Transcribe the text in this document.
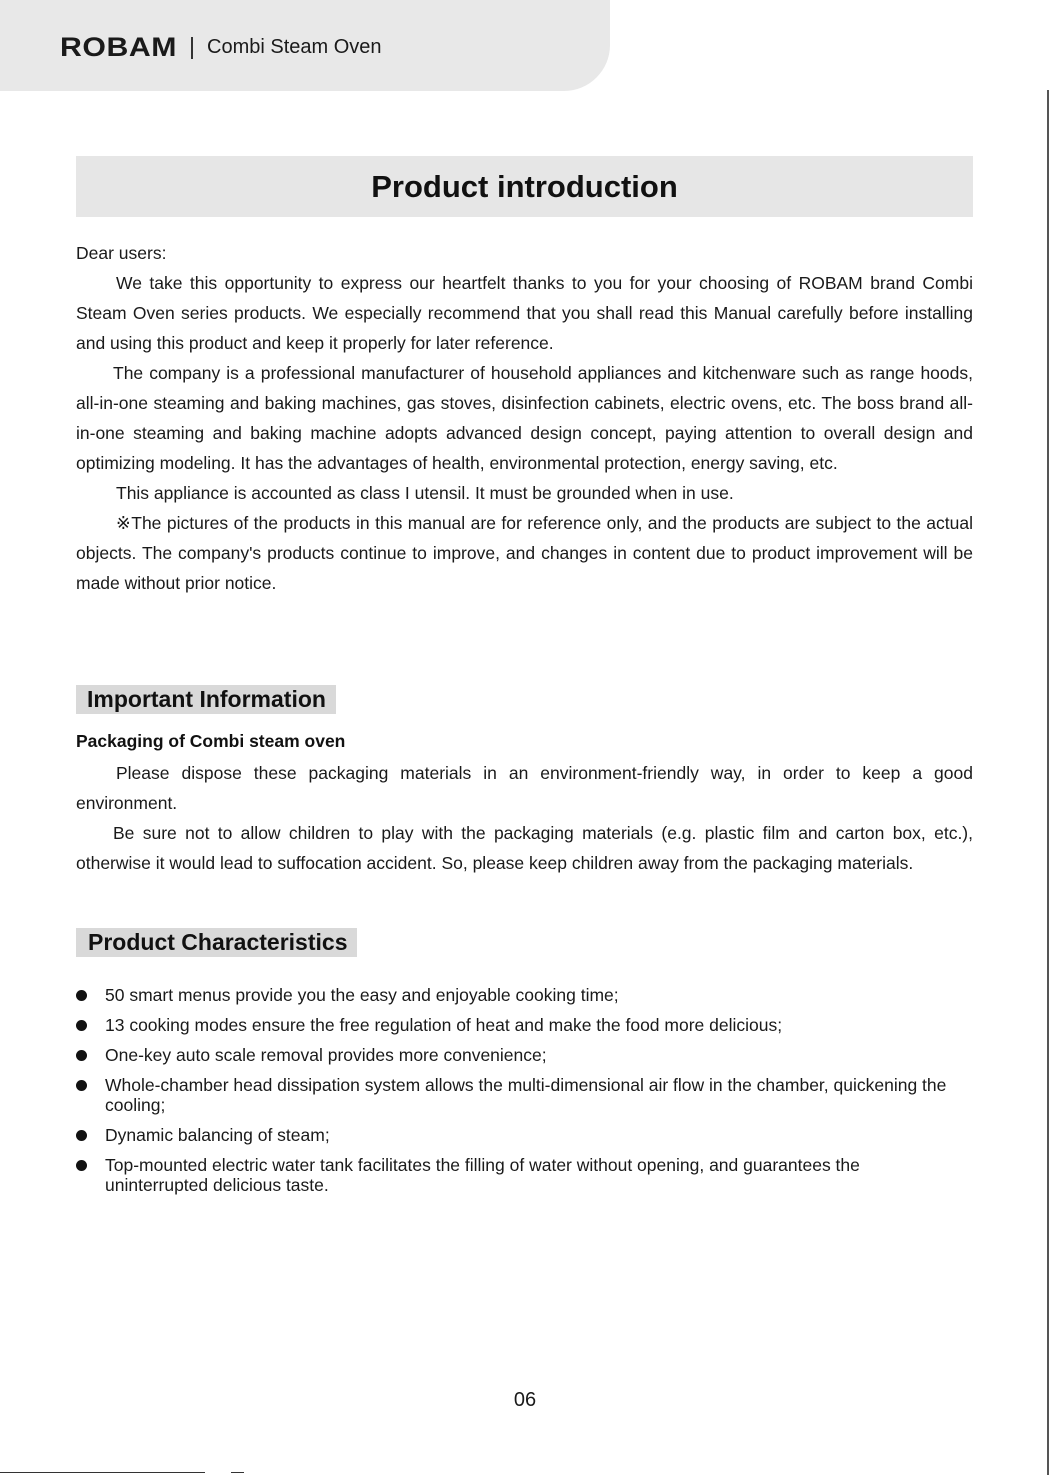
ROBAM Combi Steam Oven
Product introduction

Dear users:

We take this opportunity to express our heartfelt thanks to you for your choosing of ROBAM brand Combi Steam Oven series products. We especially recommend that you shall read this Manual carefully before installing and using this product and keep it properly for later reference.

The company is a professional manufacturer of household appliances and kitchenware such as range hoods, all-in-one steaming and baking machines, gas stoves, disinfection cabinets, electric ovens, etc. The boss brand all-in-one steaming and baking machine adopts advanced design concept, paying attention to overall design and optimizing modeling. It has the advantages of health, environmental protection, energy saving, etc.

This appliance is accounted as class I utensil. It must be grounded when in use.

※The pictures of the products in this manual are for reference only, and the products are subject to the actual objects. The company's products continue to improve, and changes in content due to product improvement will be made without prior notice.

Important Information
Packaging of Combi steam oven

Please dispose these packaging materials in an environment-friendly way, in order to keep a good environment.

Be sure not to allow children to play with the packaging materials (e.g. plastic film and carton box, etc.), otherwise it would lead to suffocation accident. So, please keep children away from the packaging materials.

Product Characteristics
50 smart menus provide you the easy and enjoyable cooking time;
13 cooking modes ensure the free regulation of heat and make the food more delicious;
One-key auto scale removal provides more convenience;
Whole-chamber head dissipation system allows the multi-dimensional air flow in the chamber, quickening the cooling;
Dynamic balancing of steam;
Top-mounted electric water tank facilitates the filling of water without opening, and guarantees the uninterrupted delicious taste.
06
